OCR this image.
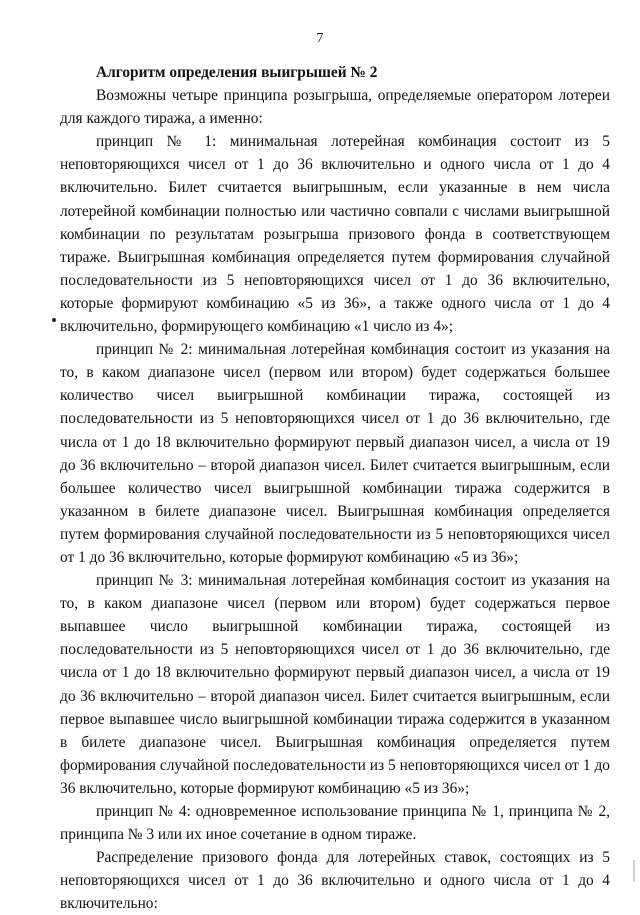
7

Алгоритм определения выигрышей № 2

Возможны четыре принципа розыгрыша, определяемые оператором лотереи для каждого тиража, а именно:

принцип № 1: минимальная лотерейная комбинация состоит из 5 неповторяющихся чисел от 1 до 36 включительно и одного числа от 1 до 4 включительно. Билет считается выигрышным, если указанные в нем числа лотерейной комбинации полностью или частично совпали с числами выигрышной комбинации по результатам розыгрыша призового фонда в соответствующем тираже. Выигрышная комбинация определяется путем формирования случайной последовательности из 5 неповторяющихся чисел от 1 до 36 включительно, которые формируют комбинацию «5 из 36», а также одного числа от 1 до 4 включительно, формирующего комбинацию «1 число из 4»;

принцип № 2: минимальная лотерейная комбинация состоит из указания на то, в каком диапазоне чисел (первом или втором) будет содержаться большее количество чисел выигрышной комбинации тиража, состоящей из последовательности из 5 неповторяющихся чисел от 1 до 36 включительно, где числа от 1 до 18 включительно формируют первый диапазон чисел, а числа от 19 до 36 включительно – второй диапазон чисел. Билет считается выигрышным, если большее количество чисел выигрышной комбинации тиража содержится в указанном в билете диапазоне чисел. Выигрышная комбинация определяется путем формирования случайной последовательности из 5 неповторяющихся чисел от 1 до 36 включительно, которые формируют комбинацию «5 из 36»;

принцип № 3: минимальная лотерейная комбинация состоит из указания на то, в каком диапазоне чисел (первом или втором) будет содержаться первое выпавшее число выигрышной комбинации тиража, состоящей из последовательности из 5 неповторяющихся чисел от 1 до 36 включительно, где числа от 1 до 18 включительно формируют первый диапазон чисел, а числа от 19 до 36 включительно – второй диапазон чисел. Билет считается выигрышным, если первое выпавшее число выигрышной комбинации тиража содержится в указанном в билете диапазоне чисел. Выигрышная комбинация определяется путем формирования случайной последовательности из 5 неповторяющихся чисел от 1 до 36 включительно, которые формируют комбинацию «5 из 36»;

принцип № 4: одновременное использование принципа № 1, принципа № 2, принципа № 3 или их иное сочетание в одном тираже.

Распределение призового фонда для лотерейных ставок, состоящих из 5 неповторяющихся чисел от 1 до 36 включительно и одного числа от 1 до 4 включительно:
